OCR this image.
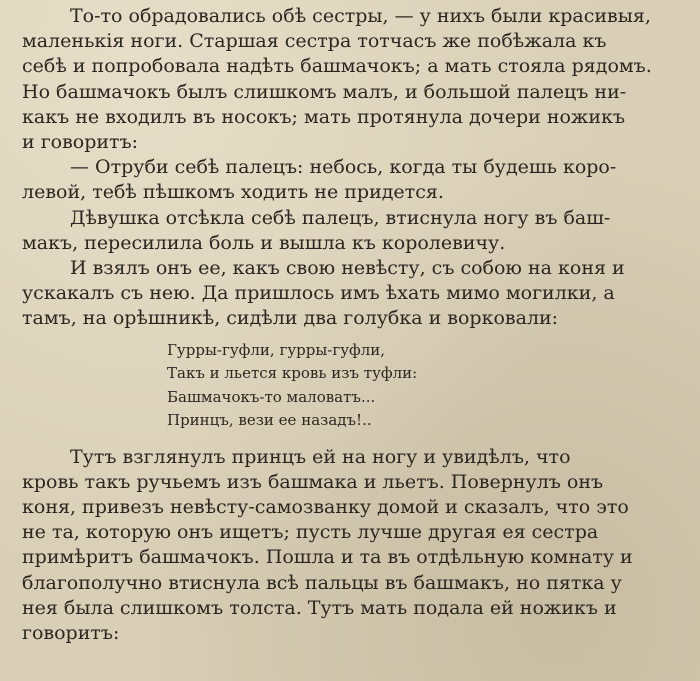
То-то обрадовались обѣ сестры, — у нихъ были красивыя,
маленькія ноги. Старшая сестра тотчасъ же побѣжала къ
себѣ и попробовала надѣть башмачокъ; а мать стояла рядомъ.
Но башмачокъ былъ слишкомъ малъ, и большой палецъ ни-
какъ не входилъ въ носокъ; мать протянула дочери ножикъ
и говоритъ:

— Отруби себѣ палецъ: небось, когда ты будешь коро-
левой, тебѣ пѣшкомъ ходить не придется.

Дѣвушка отсѣкла себѣ палецъ, втиснула ногу въ баш-
макъ, пересилила боль и вышла къ королевичу.

И взялъ онъ ее, какъ свою невѣсту, съ собою на коня и
ускакалъ съ нею. Да пришлось имъ ѣхать мимо могилки, а
тамъ, на орѣшникѣ, сидѣли два голубка и ворковали:

Гурры-гуфли, гурры-гуфли,
Такъ и льется кровь изъ туфли:
Башмачокъ-то маловатъ...
Принцъ, вези ее назадъ!..

Тутъ взглянулъ принцъ ей на ногу и увидѣлъ, что
кровь такъ ручьемъ изъ башмака и льетъ. Повернулъ онъ
коня, привезъ невѣсту-самозванку домой и сказалъ, что это
не та, которую онъ ищетъ; пусть лучше другая ея сестра
примѣритъ башмачокъ. Пошла и та въ отдѣльную комнату и
благополучно втиснула всѣ пальцы въ башмакъ, но пятка у
нея была слишкомъ толста. Тутъ мать подала ей ножикъ и
говоритъ:
